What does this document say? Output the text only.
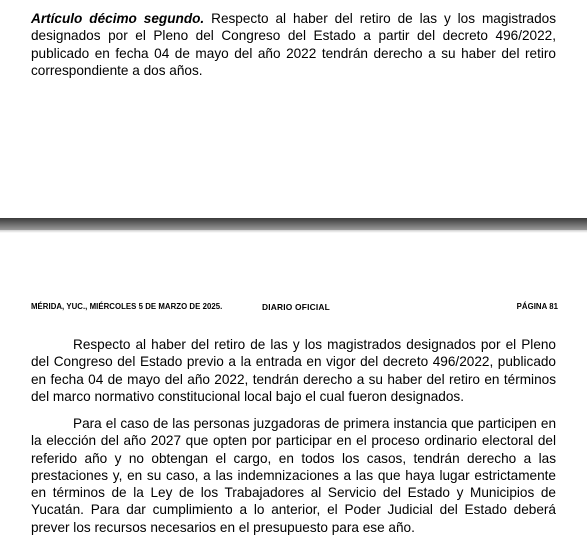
Artículo décimo segundo. Respecto al haber del retiro de las y los magistrados designados por el Pleno del Congreso del Estado a partir del decreto 496/2022, publicado en fecha 04 de mayo del año 2022 tendrán derecho a su haber del retiro correspondiente a dos años.

MÉRIDA, YUC., MIÉRCOLES 5 DE MARZO DE 2025.	DIARIO OFICIAL	PÁGINA 81

Respecto al haber del retiro de las y los magistrados designados por el Pleno del Congreso del Estado previo a la entrada en vigor del decreto 496/2022, publicado en fecha 04 de mayo del año 2022, tendrán derecho a su haber del retiro en términos del marco normativo constitucional local bajo el cual fueron designados.

Para el caso de las personas juzgadoras de primera instancia que participen en la elección del año 2027 que opten por participar en el proceso ordinario electoral del referido año y no obtengan el cargo, en todos los casos, tendrán derecho a las prestaciones y, en su caso, a las indemnizaciones a las que haya lugar estrictamente en términos de la Ley de los Trabajadores al Servicio del Estado y Municipios de Yucatán. Para dar cumplimiento a lo anterior, el Poder Judicial del Estado deberá prever los recursos necesarios en el presupuesto para ese año.
